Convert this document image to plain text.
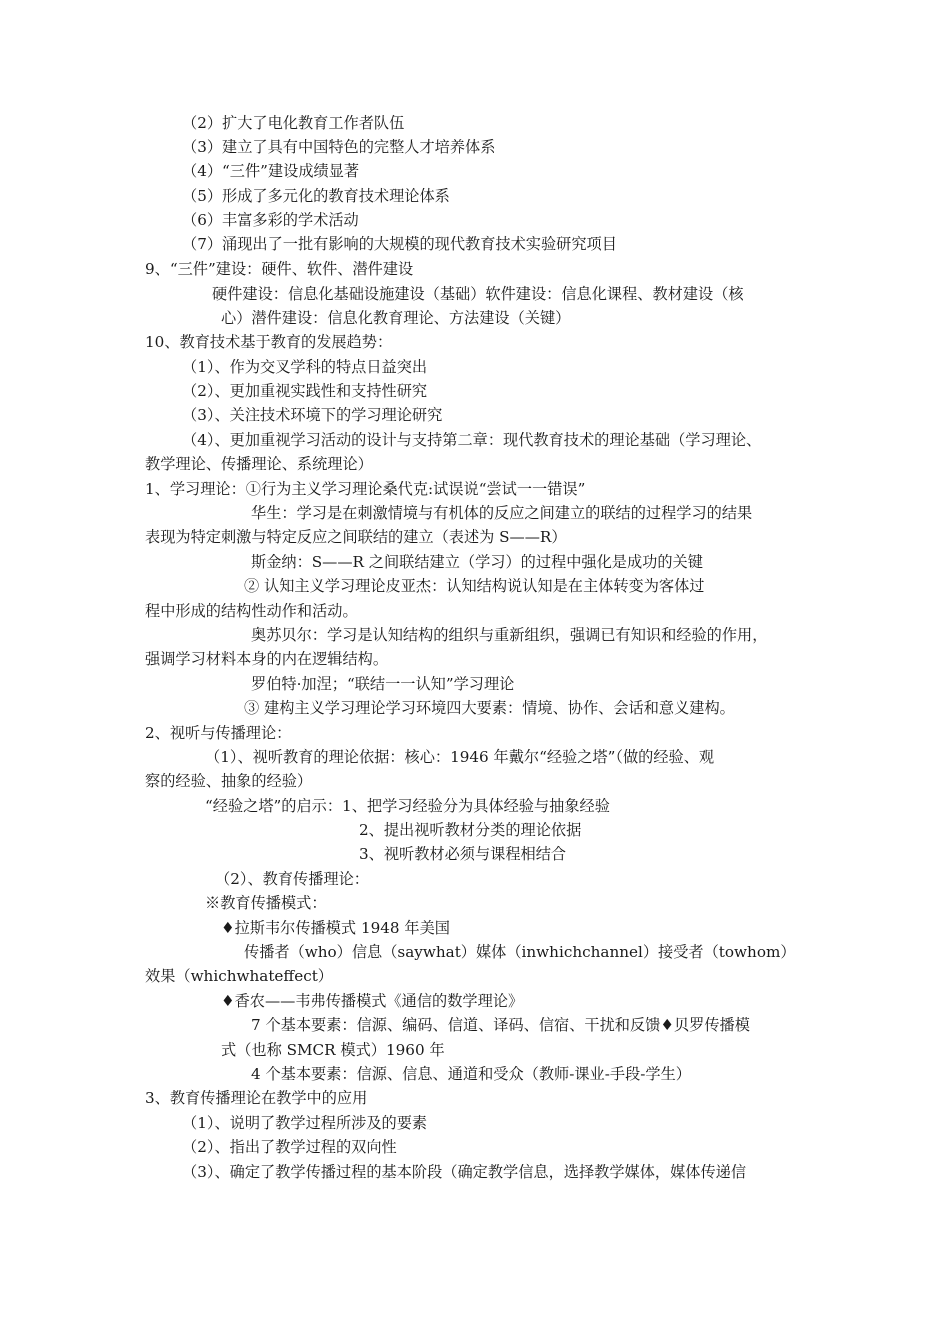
（2）扩大了电化教育工作者队伍
（3）建立了具有中国特色的完整人才培养体系
（4）“三件”建设成绩显著
（5）形成了多元化的教育技术理论体系
（6）丰富多彩的学术活动
（7）涌现出了一批有影响的大规模的现代教育技术实验研究项目
9、“三件”建设：硬件、软件、潜件建设
硬件建设：信息化基础设施建设（基础）软件建设：信息化课程、教材建设（核
心）潜件建设：信息化教育理论、方法建设（关键）
10、教育技术基于教育的发展趋势：
（1）、作为交叉学科的特点日益突出
（2）、更加重视实践性和支持性研究
（3）、关注技术环境下的学习理论研究
（4）、更加重视学习活动的设计与支持第二章：现代教育技术的理论基础（学习理论、
教学理论、传播理论、系统理论）
1、学习理论：①行为主义学习理论桑代克:试误说“尝试一一错误”
华生：学习是在刺激情境与有机体的反应之间建立的联结的过程学习的结果
表现为特定刺激与特定反应之间联结的建立（表述为 S——R）
斯金纳：S——R 之间联结建立（学习）的过程中强化是成功的关键
② 认知主义学习理论皮亚杰：认知结构说认知是在主体转变为客体过
程中形成的结构性动作和活动。
奥苏贝尔：学习是认知结构的组织与重新组织，强调已有知识和经验的作用，
强调学习材料本身的内在逻辑结构。
罗伯特·加涅；“联结一一认知”学习理论
③ 建构主义学习理论学习环境四大要素：情境、协作、会话和意义建构。
2、视听与传播理论：
（1）、视听教育的理论依据：核心：1946 年戴尔“经验之塔”（做的经验、观
察的经验、抽象的经验）
“经验之塔”的启示：1、把学习经验分为具体经验与抽象经验
2、提出视听教材分类的理论依据
3、视听教材必须与课程相结合
（2）、教育传播理论：
※教育传播模式：
♦拉斯韦尔传播模式 1948 年美国
传播者（who）信息（saywhat）媒体（inwhichchannel）接受者（towhom）
效果（whichwhateffect）
♦香农——韦弗传播模式《通信的数学理论》
7 个基本要素：信源、编码、信道、译码、信宿、干扰和反馈♦贝罗传播模
式（也称 SMCR 模式）1960 年
4 个基本要素：信源、信息、通道和受众（教师-课业-手段-学生）
3、教育传播理论在教学中的应用
（1）、说明了教学过程所涉及的要素
（2）、指出了教学过程的双向性
（3）、确定了教学传播过程的基本阶段（确定教学信息，选择教学媒体，媒体传递信
